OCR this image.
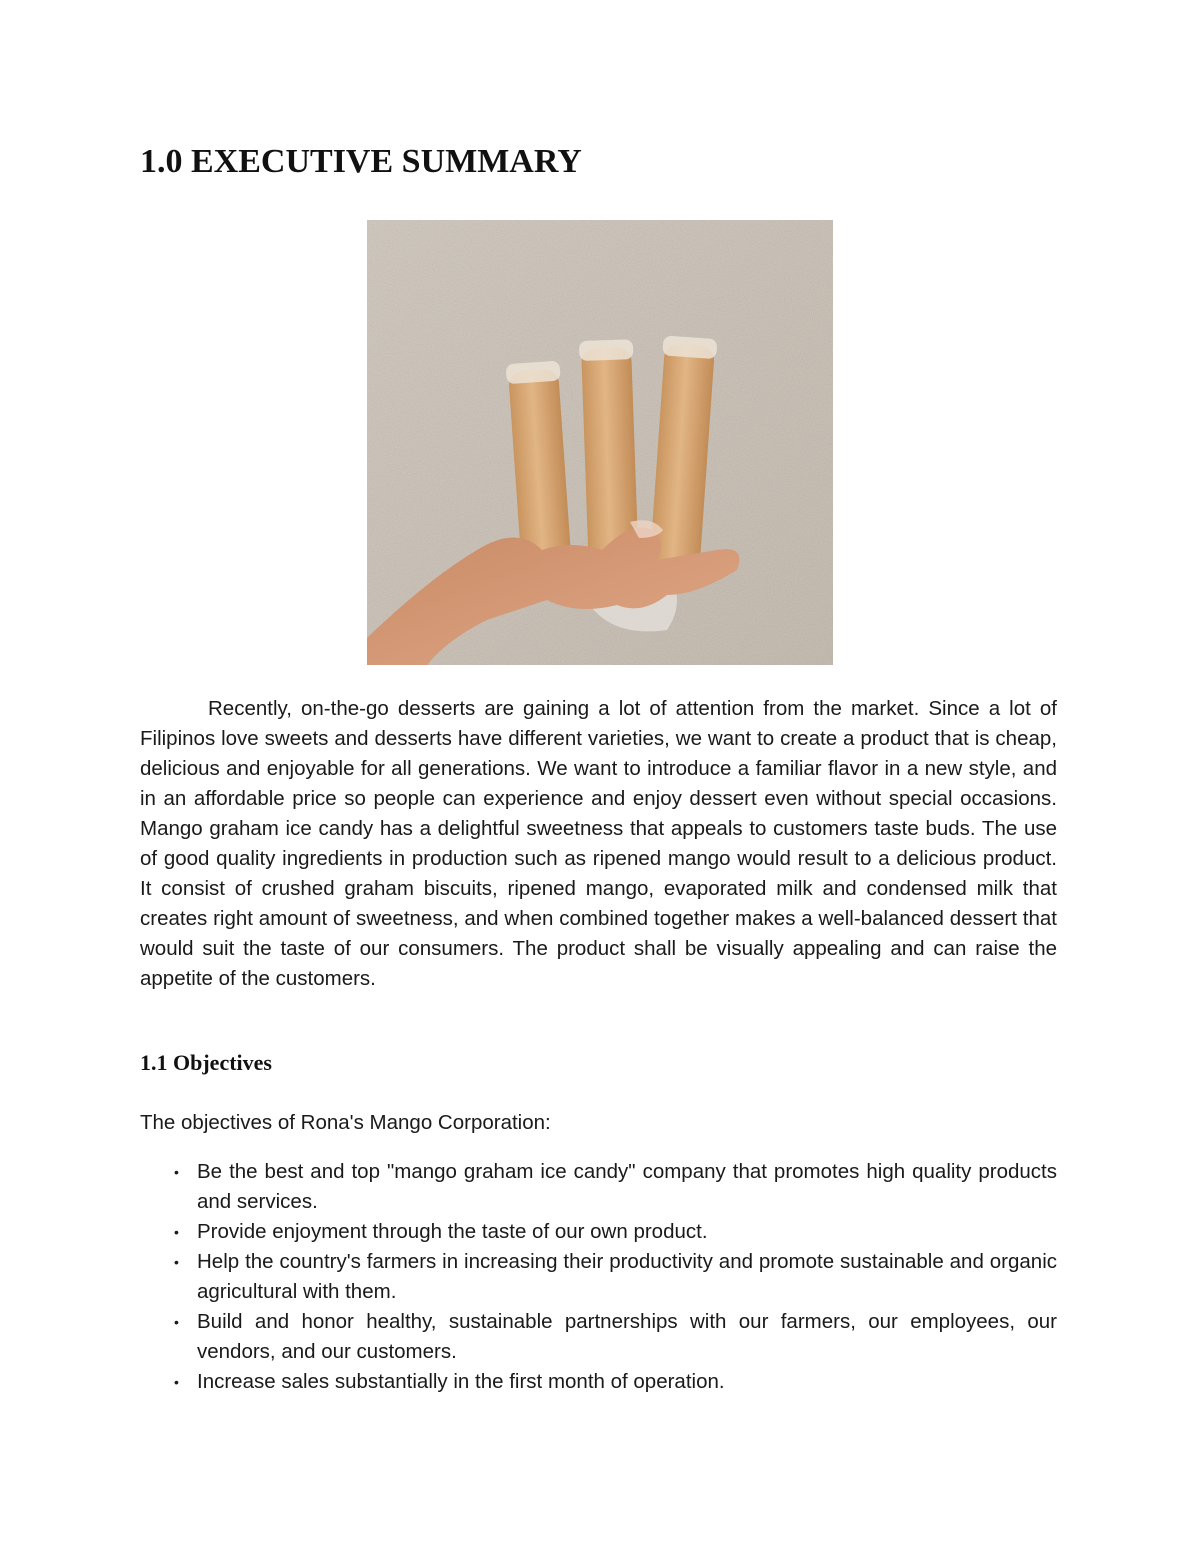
1.0 EXECUTIVE SUMMARY

Recently, on-the-go desserts are gaining a lot of attention from the market. Since a lot of Filipinos love sweets and desserts have different varieties, we want to create a product that is cheap, delicious and enjoyable for all generations. We want to introduce a familiar flavor in a new style, and in an affordable price so people can experience and enjoy dessert even without special occasions. Mango graham ice candy has a delightful sweetness that appeals to customers taste buds. The use of good quality ingredients in production such as ripened mango would result to a delicious product. It consist of crushed graham biscuits, ripened mango, evaporated milk and condensed milk that creates right amount of sweetness, and when combined together makes a well-balanced dessert that would suit the taste of our consumers. The product shall be visually appealing and can raise the appetite of the customers.

1.1 Objectives

The objectives of Rona's Mango Corporation:

• Be the best and top "mango graham ice candy" company that promotes high quality products and services.
• Provide enjoyment through the taste of our own product.
• Help the country's farmers in increasing their productivity and promote sustainable and organic agricultural with them.
• Build and honor healthy, sustainable partnerships with our farmers, our employees, our vendors, and our customers.
• Increase sales substantially in the first month of operation.
